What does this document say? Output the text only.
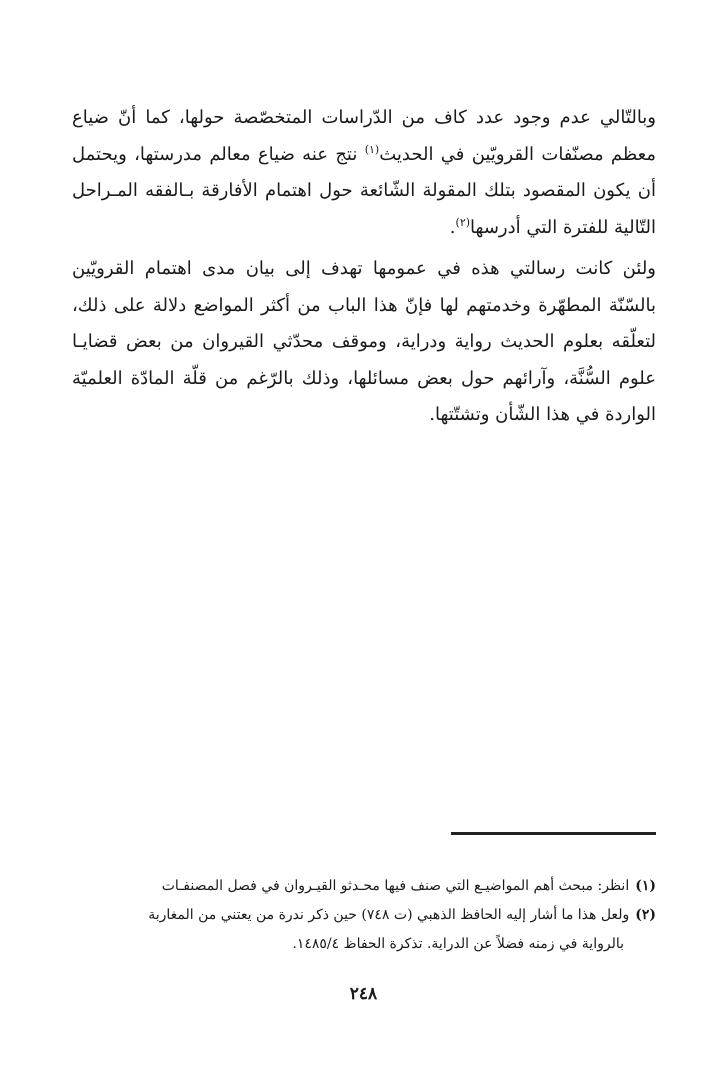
وبالتّالي عدم وجود عدد كاف من الدّراسات المتخصّصة حولها، كما أنّ ضياع معظم مصنّفات القرويّين في الحديث$^{(١)}$ نتج عنه ضياع معالم مدرستها، ويحتمل أن يكون المقصود بتلك المقولة الشّائعة حول اهتمام الأفارقة بـالفقه المـراحل التّالية للفترة التي أدرسها$^{(٢)}$.

ولئن كانت رسالتي هذه في عمومها تهدف إلى بيان مدى اهتمام القرويّين بالسّنّة المطهّرة وخدمتهم لها فإنّ هذا الباب من أكثر المواضع دلالة على ذلك، لتعلّقه بعلوم الحديث رواية ودراية، وموقف محدّثي القيروان من بعض قضايـا علوم السُّنَّة، وآرائهم حول بعض مسائلها، وذلك بالرّغم من قلّة المادّة العلميّة الواردة في هذا الشّأن وتشتّتها.

(١)انظر: مبحث أهم المواضيـع التي صنف فيها محـدثو القيـروان في فصل المصنفـات

(٢)ولعل هذا ما أشار إليه الحافظ الذهبي (ت ٧٤٨) حين ذكر ندرة من يعتني من المغاربة

بالرواية في زمنه فضلاً عن الدراية. تذكرة الحفاظ ١٤٨٥/٤.

٢٤٨
